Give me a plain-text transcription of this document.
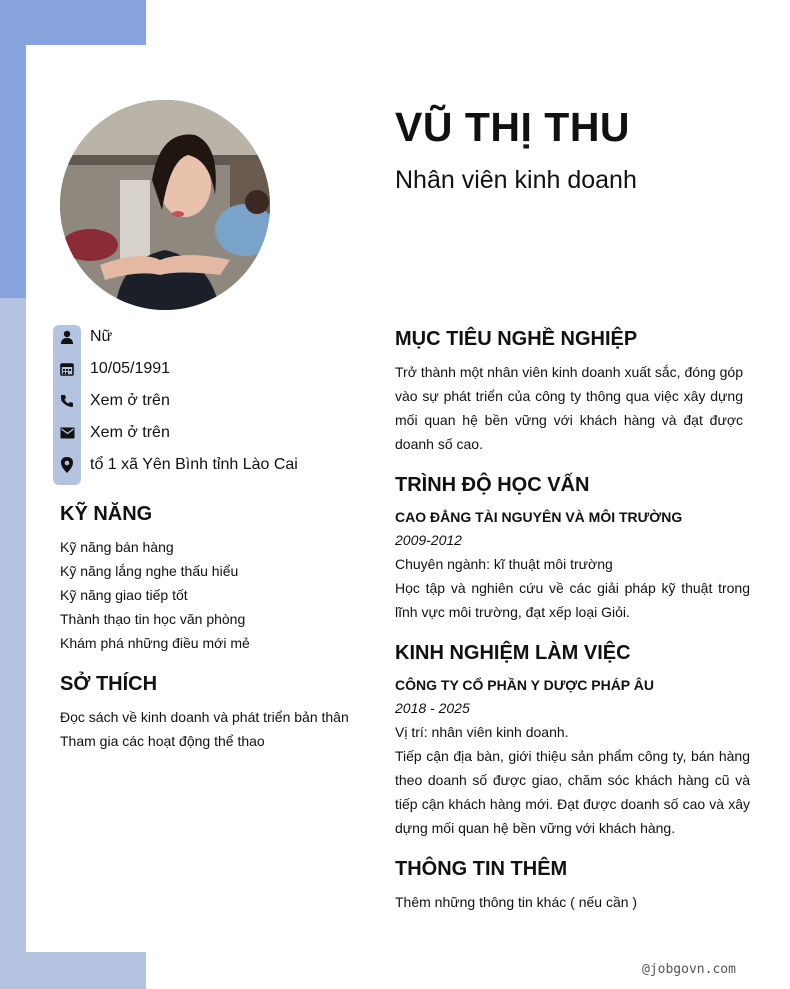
VŨ THỊ THU
Nhân viên kinh doanh
Nữ
10/05/1991
Xem ở trên
Xem ở trên
tổ 1 xã Yên Bình tỉnh Lào Cai
KỸ NĂNG
Kỹ năng bán hàng
Kỹ năng lắng nghe thấu hiểu
Kỹ năng giao tiếp tốt
Thành thạo tin học văn phòng
Khám phá những điều mới mẻ
SỞ THÍCH
Đọc sách về kinh doanh và phát triển bản thân
Tham gia các hoạt động thể thao
MỤC TIÊU NGHỀ NGHIỆP
Trở thành một nhân viên kinh doanh xuất sắc, đóng góp vào sự phát triển của công ty thông qua việc xây dựng mối quan hệ bền vững với khách hàng và đạt được doanh số cao.
TRÌNH ĐỘ HỌC VẤN
CAO ĐẲNG TÀI NGUYÊN VÀ MÔI TRƯỜNG
2009-2012
Chuyên ngành: kĩ thuật môi trường
Học tập và nghiên cứu về các giải pháp kỹ thuật trong lĩnh vực môi trường, đạt xếp loại Giỏi.
KINH NGHIỆM LÀM VIỆC
CÔNG TY CỔ PHẦN Y DƯỢC PHÁP ÂU
2018 - 2025
Vị trí: nhân viên kinh doanh.
Tiếp cận địa bàn, giới thiệu sản phẩm công ty, bán hàng theo doanh số được giao, chăm sóc khách hàng cũ và tiếp cận khách hàng mới. Đạt được doanh số cao và xây dựng mối quan hệ bền vững với khách hàng.
THÔNG TIN THÊM
Thêm những thông tin khác ( nếu cần )
@jobgovn.com
